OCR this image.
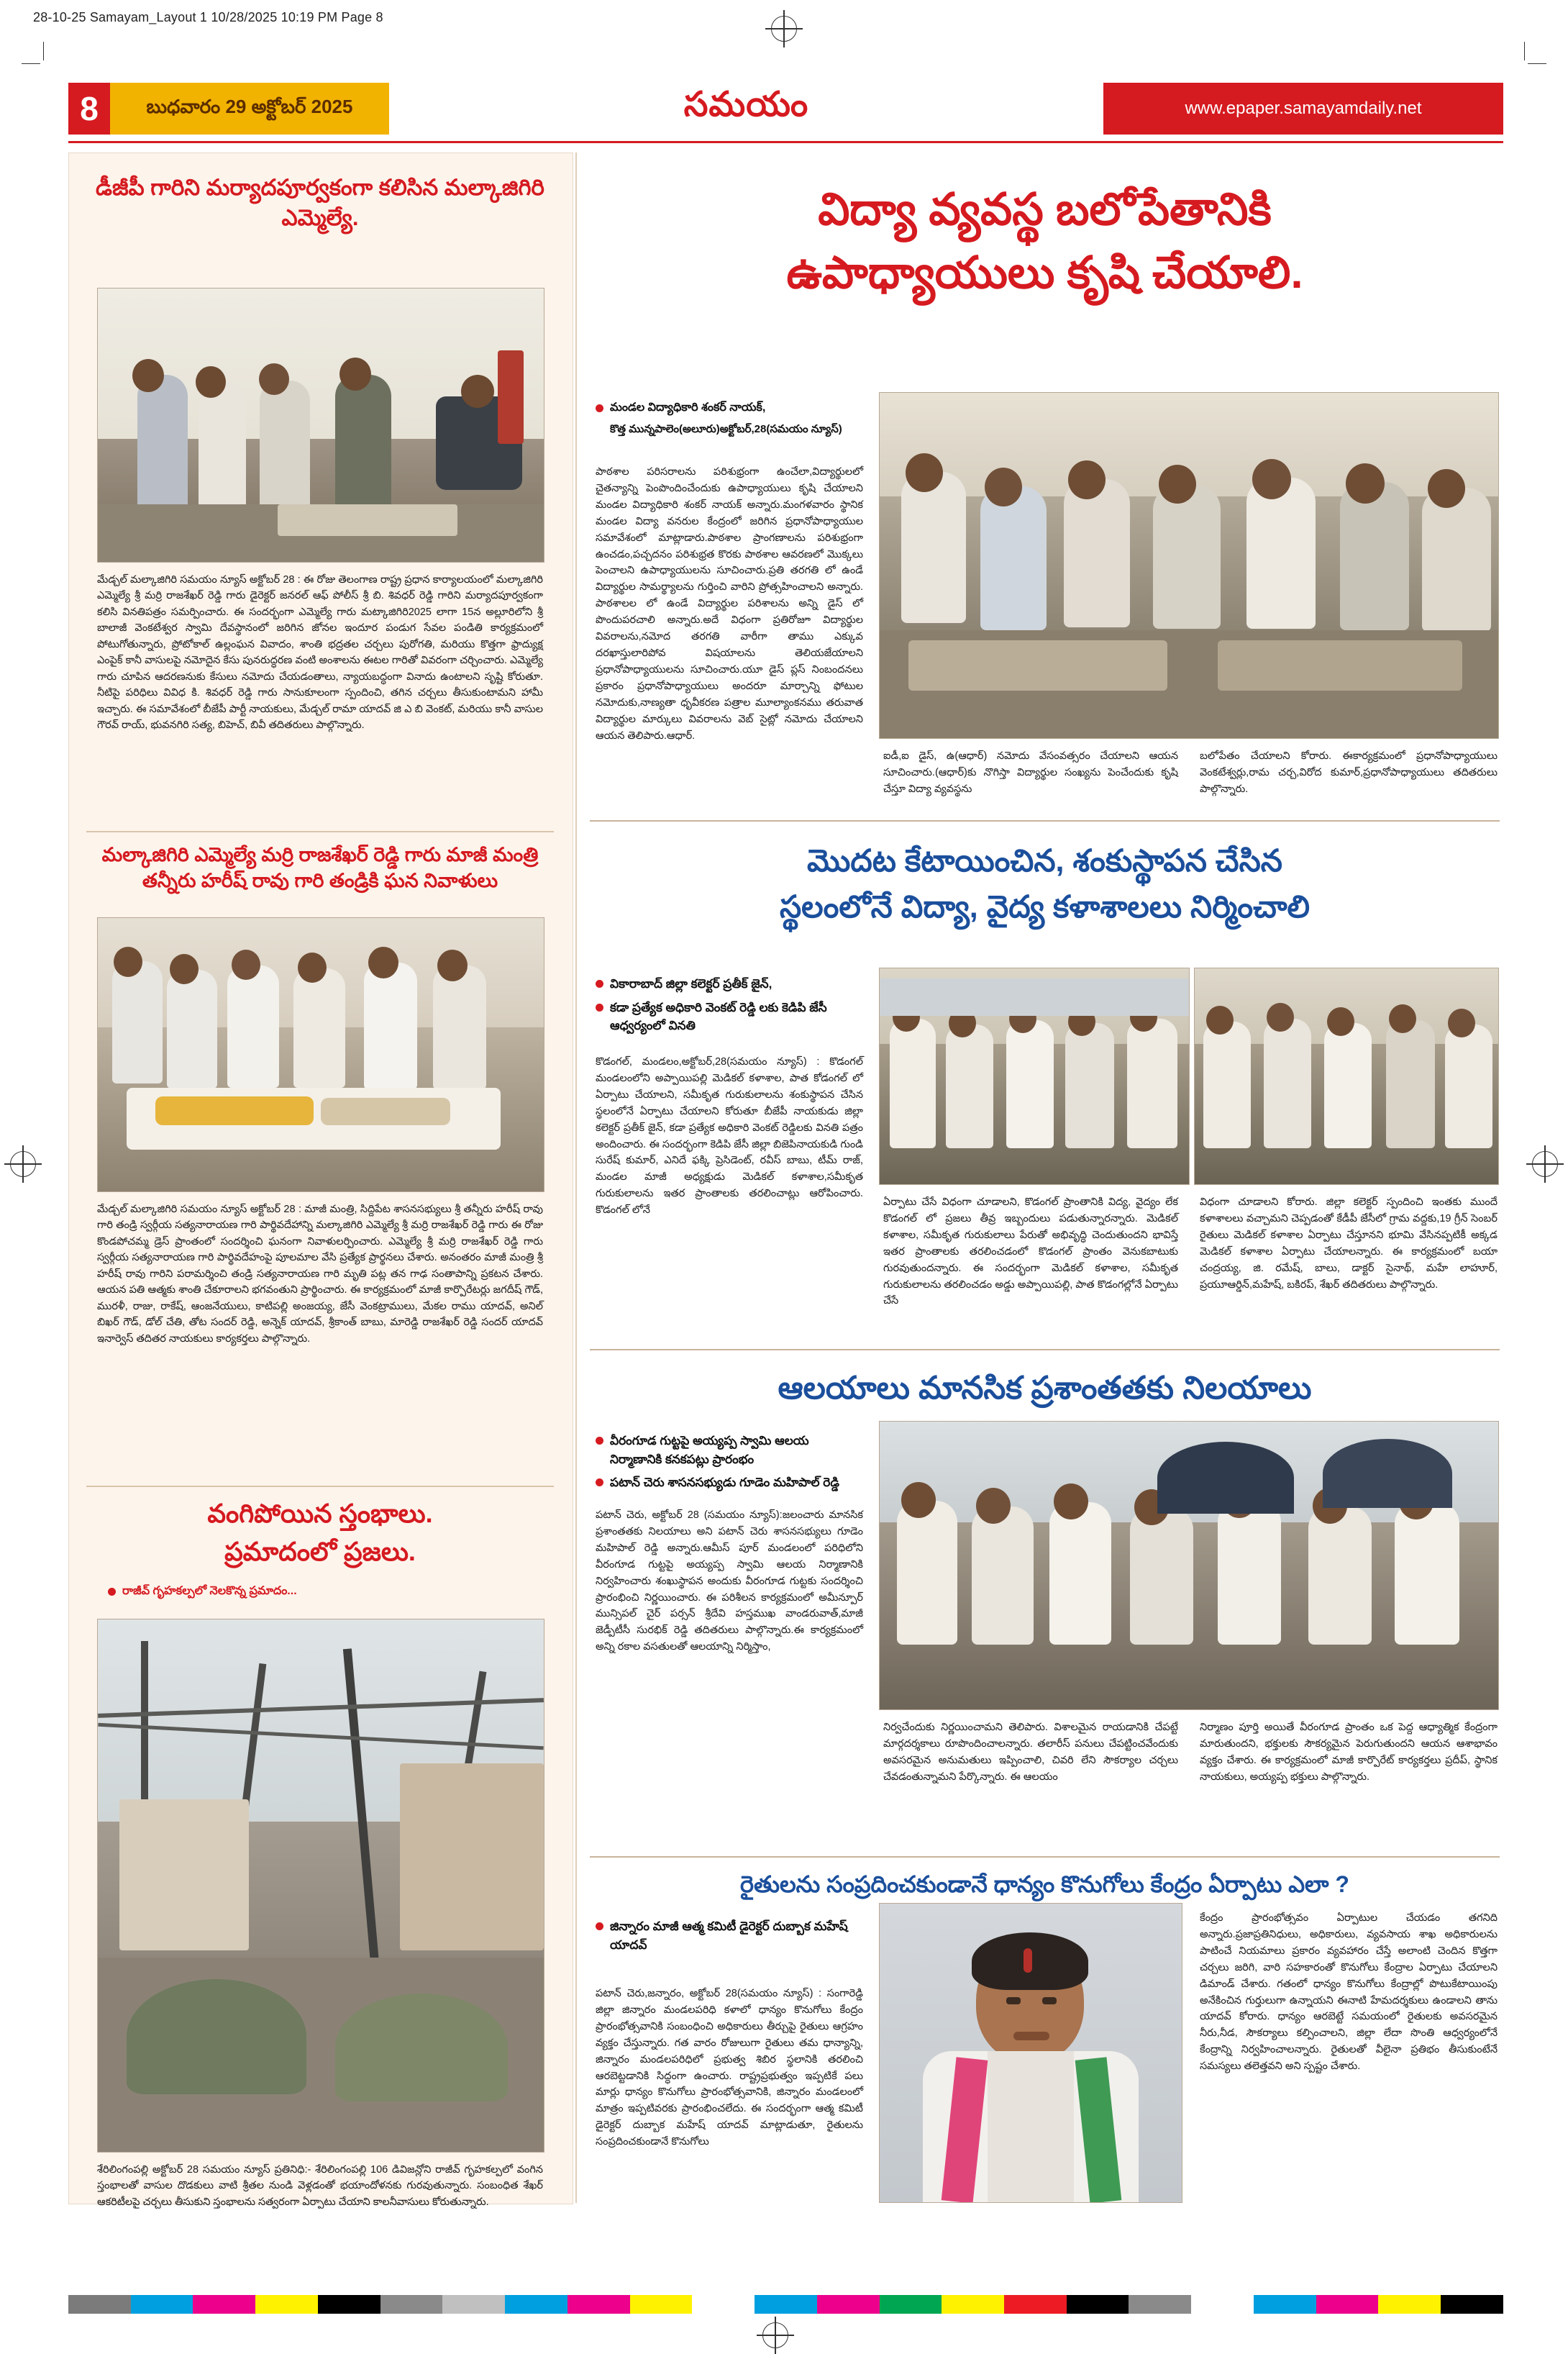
28-10-25 Samayam_Layout 1 10/28/2025 10:19 PM Page 8
8	బుధవారం 29 అక్టోబర్ 2025	సమయం	www.epaper.samayamdaily.net
డీజీపీ గారిని మర్యాదపూర్వకంగా కలిసిన మల్కాజిగిరి ఎమ్మెల్యే.
మేడ్చల్ మల్కాజిగిరి సమయం న్యూస్ అక్టోబర్ 28 : ఈ రోజు తెలంగాణ రాష్ట్ర ప్రధాన కార్యాలయంలో మల్కాజిగిరి ఎమ్మెల్యే శ్రీ మర్రి రాజశేఖర్ రెడ్డి గారు డైరెక్టర్ జనరల్ ఆఫ్ పోలీస్ శ్రీ బి. శివధర్ రెడ్డి గారిని మర్యాదపూర్వకంగా కలిసి వినతిపత్రం సమర్పించారు. ఈ సందర్భంగా ఎమ్మెల్యే గారు మట్కాజిగిరి2025 లాగా 15న అల్లూరిలోని శ్రీ బాలాజీ వెంకటేశ్వర స్వామి దేవస్థానంలో జరిగిన జోనల ఇందూర పండుగ సేవల పండితి కార్యక్రమంలో పోటుగోతున్నారు, ప్రోటోకాల్ ఉల్లంఘన వివాదం, శాంతి భద్రతల చర్చలు పురోగతి, మరియు కొత్తగా ఫ్రాద్యుక్ష ఎంపైక్ కానీ వాసులపై నమోదైన కేసు పునరుద్ధరణ వంటి అంశాలను ఈటల గారితో వివరంగా చర్చించారు. ఎమ్మెల్యే గారు చూపిన ఆదరణనుకు కేసులు నమోదు చేయడంతాలు, న్యాయబద్ధంగా వినాదు ఉంటాలని సృష్టి కోరుతూ. నీటిపై పరిధిలు వివిధ కి. శివధర్ రెడ్డి గారు సానుకూలంగా స్పందించి, తగిన చర్చలు తీసుకుంటామని హామీ ఇచ్చారు. ఈ సమావేశంలో బీజేపీ పార్టీ నాయకులు, మేడ్చల్ రామా యాదవ్ జి ఎ బి వెంకట్, మరియు కానీ వాసుల గౌరవ్ రాయ్, భువనగిరి సత్య, బిహెచ్, బివీ తదితరులు పాల్గొన్నారు.
మల్కాజిగిరి ఎమ్మెల్యే మర్రి రాజశేఖర్ రెడ్డి గారు మాజీ మంత్రి తన్నీరు హరీష్ రావు గారి తండ్రికి ఘన నివాళులు
మేడ్చల్ మల్కాజిగిరి సమయం న్యూస్ అక్టోబర్ 28 : మాజీ మంత్రి, సిద్దిపేట శాసనసభ్యులు శ్రీ తన్నీరు హరీష్ రావు గారి తండ్రి స్వర్గీయ సత్యనారాయణ గారి పార్థివదేహాన్ని మల్కాజిగిరి ఎమ్మెల్యే శ్రీ మర్రి రాజశేఖర్ రెడ్డి గారు ఈ రోజు కొండపోచమ్మ డ్రెస్ ప్రాంతంలో సందర్శించి ఘనంగా నివాళులర్పించారు. ఎమ్మెల్యే శ్రీ మర్రి రాజశేఖర్ రెడ్డి గారు స్వర్గీయ సత్యనారాయణ గారి పార్థివదేహంపై పూలమాల వేసి ప్రత్యేక ప్రార్థనలు చేశారు. అనంతరం మాజీ మంత్రి శ్రీ హరీష్ రావు గారిని పరామర్శించి తండ్రి సత్యనారాయణ గారి మృతి పట్ల తన గాఢ సంతాపాన్ని ప్రకటన చేశారు. ఆయన పతి ఆత్మకు శాంతి చేకూరాలని భగవంతుని ప్రార్థించారు. ఈ కార్యక్రమంలో మాజీ కార్పొరేటర్లు జగదీష్ గౌడ్, మురళీ, రాజు, రాకేష్, ఆంజనేయులు, కాటిపల్లి అంజయ్య, జేసీ వెంకట్రాములు, మేకల రాము యాదవ్, అనిల్ బిఖర్ గౌడ్, డోల్ చేతి, తోట సందర్ రెడ్డి, అన్నెక్ యాదవ్, శ్రీకాంత్ బాబు, మారెడ్డి రాజశేఖర్ రెడ్డి సందర్ యాదవ్ ఇనార్వెస్ తదితర నాయకులు కార్యకర్తలు పాల్గొన్నారు.
వంగిపోయిన స్తంభాలు.
ప్రమాదంలో ప్రజలు.
రాజీవ్ గృహకల్పలో నెలకొన్న ప్రమాదం...
శేరిలింగంపల్లి అక్టోబర్ 28 సమయం న్యూస్ ప్రతినిధి:- శేరిలింగంపల్లి 106 డివిజన్లోని రాజీవ్ గృహకల్పలో వంగిన స్తంభాలతో వాసుల దొడకులు వాటి శ్రీతల నుండి వెళ్లడంతో భయాందోళనకు గురవుతున్నారు. సంబంధిత శేఖర్ ఆకరిటీలపై చర్చలు తీసుకుని స్తంభాలను సత్వరంగా ఏర్పాటు చేయాని కాలనీవాసులు కోరుతున్నారు.
విద్యా వ్యవస్థ బలోపేతానికి
ఉపాధ్యాయులు కృషి చేయాలి.
మండల విద్యాధికారి శంకర్ నాయక్,
కొత్త మున్నపాలెం(అలూరు)అక్టోబర్,28(సమయం న్యూస్)
పాఠశాల పరిసరాలను పరిశుభ్రంగా ఉంచేలా,విద్యార్థులలో చైతన్యాన్ని పెంపొందించేందుకు ఉపాధ్యాయులు కృషి చేయాలని మండల విద్యాధికారి శంకర్ నాయక్ అన్నారు.మంగళవారం స్థానిక మండల విద్యా వనరుల కేంద్రంలో జరిగిన ప్రధానోపాధ్యాయుల సమావేశంలో మాట్లాడారు.పాఠశాల ప్రాంగణాలను పరిశుభ్రంగా ఉంచడం,పచ్చదనం పరిశుభ్రత కొరకు పాఠశాల ఆవరణలో మొక్కలు పెంచాలని ఉపాధ్యాయులను సూచించారు.ప్రతి తరగతి లో ఉండే విద్యార్థుల సామర్థ్యాలను గుర్తించి వారిని ప్రోత్సహించాలని అన్నారు. పాఠశాలల లో ఉండే విద్యార్థుల పరిశాలను అన్ని డైస్ లో పొందుపరచాలి అన్నారు.అదే విధంగా ప్రతిరోజూ విద్యార్థుల వివరాలను,నమోద తరగతి వారీగా తాము ఎక్కువ దరఖాస్తులారిపోవ విషయాలను తెలియజేయాలని ప్రధానోపాధ్యాయులను సూచించారు.యూ డైస్ ప్లస్ నింబందనలు ప్రకారం ప్రధానోపాధ్యాయులు అందరూ మార్చాన్ని ఫోటుల నమోదుకు,నాణ్యతా ధృవీకరణ పత్రాల మూల్యాంకనము తరువాత విద్యార్థుల మార్కులు వివరాలను వెబ్ సైట్లో నమోదు చేయాలని ఆయన తెలిపారు.ఆధార్.
ఐడీ,ఐ డైస్, ఉ(ఆధార్) నమోదు వేసంవత్సరం చేయాలని ఆయన సూచించారు.(ఆధార్)కు నొగిస్తా విద్యార్థుల సంఖ్యను పెంచేందుకు కృషి చేస్తూ విద్యా వ్యవస్థను
బలోపేతం చేయాలని కోరారు. ఈకార్యక్రమంలో ప్రధానోపాధ్యాయులు వెంకటేశ్వర్లు,రామ చర్చ,విరోద కుమార్,ప్రధానోపాధ్యాయులు తదితరులు పాల్గొన్నారు.
మొదట కేటాయించిన, శంకుస్థాపన చేసిన
స్థలంలోనే విద్యా, వైద్య కళాశాలలు నిర్మించాలి
వికారాబాద్ జిల్లా కలెక్టర్ ప్రతీక్ జైన్,
కడా ప్రత్యేక అధికారి వెంకట్ రెడ్డి లకు కెడిపి జేసీ ఆధ్వర్యంలో వినతి
కొడంగల్, మండలం,అక్టోబర్,28(సమయం న్యూస్) : కొడంగల్ మండలంలోని అప్పాయిపల్లి మెడికల్ కళాశాల, పాత కోడంగల్ లో ఏర్పాటు చేయాలని, సమీకృత గురుకులాలను శంకుస్థాపన చేసిన స్థలంలోనే ఏర్పాటు చేయాలని కోరుతూ బీజేపీ నాయకుడు జిల్లా కలెక్టర్ ప్రతీక్ జైన్, కడా ప్రత్యేక అధికారి వెంకట్ రెడ్డిలకు వినతి పత్రం అందించారు. ఈ సందర్భంగా కెడిపి జేసీ జిల్లా బిజెపినాయకుడి గుండి సురేష్ కుమార్, ఎనిదే ఫక్కి ప్రెసిడెంట్, రవీస్ బాబు, టీమ్ రాజ్, మండల మాజీ అధ్యక్షుడు మెడికల్ కళాశాల,సమీకృత గురుకులాలను ఇతర ప్రాంతాలకు తరలించాట్లు ఆరోపించారు. కొడంగల్ లోనే
ఏర్పాటు చేసే విధంగా చూడాలని, కొడంగల్ ప్రాంతానికి విద్య, వైద్యం లేక కొడంగల్ లో ప్రజలు తీవ్ర ఇబ్బందులు పడుతున్నారన్నారు. మెడికల్ కళాశాల, సమీకృత గురుకులాలు పేరుతో అభివృద్ధి చెందుతుందని భావిస్తే ఇతర ప్రాంతాలకు తరలించడంలో కొడంగల్ ప్రాంతం వెనుకబాటుకు గురవుతుందన్నారు. ఈ సందర్భంగా మెడికల్ కళాశాల, సమీకృత గురుకులాలను తరలించడం అడ్డు అప్పాయిపల్లి, పాత కొడంగల్లోనే ఏర్పాటు చేసే
విధంగా చూడాలని కోరారు. జిల్లా కలెక్టర్ స్పందించి ఇంతకు ముందే కళాశాలలు వచ్చామని చెప్పడంతో కేడీపీ జేసీలో గ్రామ వద్దకు,19 గ్రీన్ సెంబర్ రైతులు మెడికల్ కళాశాల ఏర్పాటు చేస్తూనని భూమి వేసినప్పటికీ అక్కడ మెడికల్ కళాశాల ఏర్పాటు చేయాలన్నారు. ఈ కార్యక్రమంలో బయా చంద్రయ్య, జి. రమేష్, బాలు, డాక్టర్ సైనాథ్, మహే లాహూర్, ప్రయూఆర్డిన్,మహేష్, బకిరప్, శేఖర్ తదితరులు పాల్గొన్నారు.
ఆలయాలు మానసిక ప్రశాంతతకు నిలయాలు
వీరంగూడ గుట్టపై అయ్యప్ప స్వామి ఆలయ నిర్మాణానికి కనకపట్లు ప్రారంభం
పటాన్ చెరు శాసనసభ్యుడు గూడెం మహిపాల్ రెడ్డి
పటాన్ చెరు, అక్టోబర్ 28 (సమయం న్యూస్):జలంచారు మానసిక ప్రశాంతతకు నిలయాలు అని పటాన్ చెరు శాసనసభ్యులు గూడెం మహిపాల్ రెడ్డి అన్నారు.ఆమీస్ పూర్ మండలంలో పరిధిలోని వీరంగూడ గుట్టపై అయ్యప్ప స్వామి ఆలయ నిర్మాణానికి నిర్వహించారు శంఖుస్థాపన అందుకు వీరంగూడ గుట్టకు సందర్శించి ప్రారంభించి నిర్ణయించారు. ఈ పరిశీలన కార్యక్రమంలో అమీన్పూర్ మున్సిపల్ చైర్ పర్సన్ శ్రీదేవి హస్తముఖ వాండరువాత్,మాజీ జెడ్పీటీసీ సురభిక్ రెడ్డి తదితరులు పాల్గొన్నారు.ఈ కార్యక్రమంలో అన్ని రకాల వసతులతో ఆలయాన్ని నిర్మిస్తాం,
నిర్వచేందుకు నిర్ణయించామని తెలిపారు. విశాలమైన రాయడానికి చేపట్టే మార్గదర్శకాలు రూపొందించాలన్నారు. తలారీస్ పనులు చేపట్టించవేందుకు అవసరమైన అనుమతులు ఇప్పించాలి, చివరి లేని సౌకర్యాల చర్చలు చేవడంతున్నామని పేర్కొన్నారు. ఈ ఆలయం
నిర్మాణం పూర్తి అయితే వీరంగూడ ప్రాంతం ఒక పెద్ద ఆధ్యాత్మిక కేంద్రంగా మారుతుందని, భక్తులకు సౌకర్యమైన పెరుగుతుందని ఆయన ఆశాభావం వ్యక్తం చేశారు. ఈ కార్యక్రమంలో మాజీ కార్పొరేట్ కార్యకర్తలు ప్రదీప్, స్థానిక నాయకులు, అయ్యప్ప భక్తులు పాల్గొన్నారు.
రైతులను సంప్రదించకుండానే ధాన్యం కొనుగోలు కేంద్రం ఏర్పాటు ఎలా ?
జిన్నారం మాజీ ఆత్మ కమిటీ డైరెక్టర్ దుబ్బాక మహేష్ యాదవ్
పటాన్ చెరు,జన్నారం, అక్టోబర్ 28(సమయం న్యూస్) : సంగారెడ్డి జిల్లా జిన్నారం మండలపరిధి కళాలో ధాన్యం కొనుగోలు కేంద్రం ప్రారంభోత్సవానికి సంబంధించి అధికారులు తీర్చుపై రైతులు ఆగ్రహం వ్యక్తం చేస్తున్నారు. గత వారం రోజులుగా రైతులు తమ ధాన్యాన్ని, జిన్నారం మండలపరిధిలో ప్రభుత్వ శిబిర స్థలానికి తరలించి ఆరబెట్టడానికి సిద్ధంగా ఉంచారు. రాష్ట్రప్రభుత్వం ఇప్పటికే పలు మార్లు ధాన్యం కొనుగోలు ప్రారంభోత్సవానికి, జిన్నారం మండలంలో మాత్రం ఇప్పటివరకు ప్రారంభించలేదు. ఈ సందర్భంగా ఆత్మ కమిటీ డైరెక్టర్ దుబ్బాక మహేష్ యాదవ్ మాట్లాడుతూ, రైతులను సంప్రదించకుండానే కొనుగోలు
కేంద్రం ప్రారంభోత్సవం ఏర్పాటుల చేయడం తగనిది అన్నారు.ప్రజాప్రతినిధులు, అధికారులు, వ్యవసాయ శాఖ అధికారులను పాటించే నియమాలు ప్రకారం వ్యవహారం చేస్తే అలాంటి చెందిన కొత్తగా చర్చలు జరిగి, వారి సహకారంతో కొనుగోలు కేంద్రాల ఏర్పాటు చేయాలని డిమాండ్ చేశారు. గతంలో ధాన్యం కొనుగోలు కేంద్రాల్లో పొటుకేటాయింపు అనేకించిన గుర్తులుగా ఉన్నాయని ఈనాటి హేమదర్శకులు ఉండాలని తాను యాదవ్ కోరారు. ధాన్యం ఆరబెట్టే సమయంలో రైతులకు అవసరమైన నీరు,నీడ, సౌకర్యాలు కల్పించాలని, జిల్లా లేదా సొంతి ఆధ్వర్యంలోనే కేంద్రాన్ని నిర్వహించాలన్నారు. రైతులతో వీలైనా ప్రతిభం తీసుకుంటేనే సమస్యలు తలెత్తవని అని స్పష్టం చేశారు.
